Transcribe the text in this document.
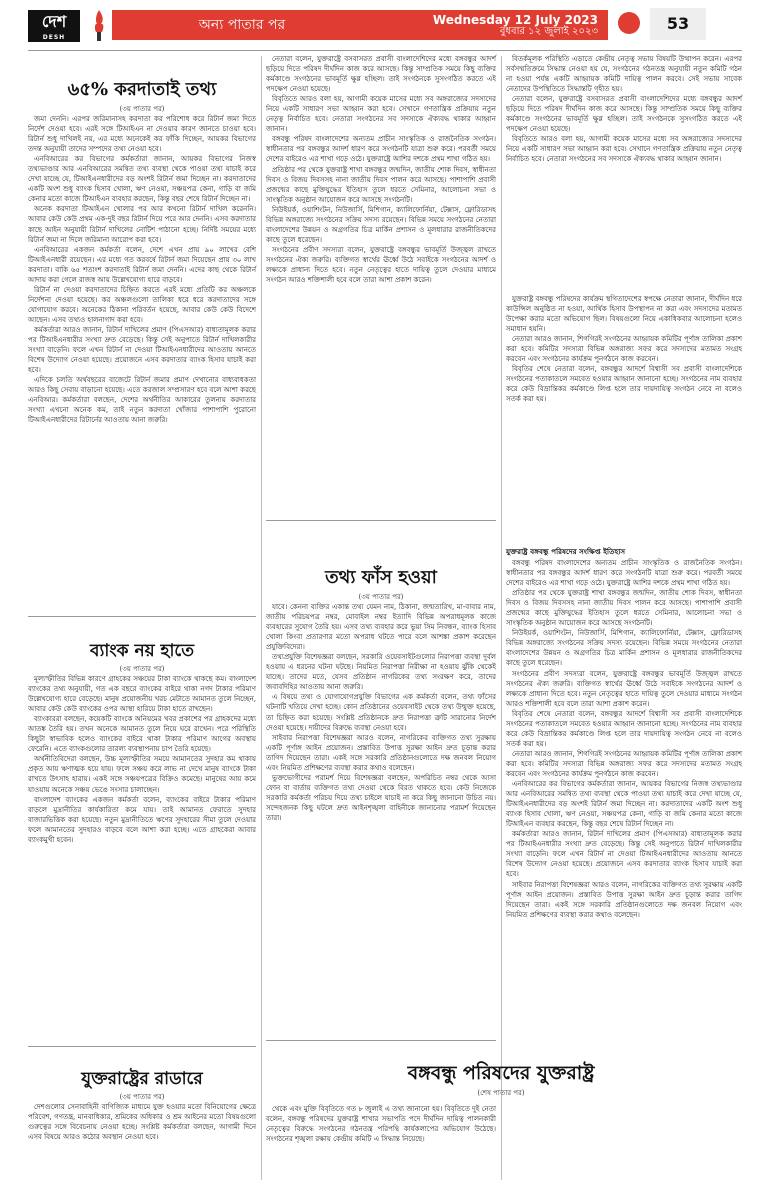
দেশ
DESH
অন্য পাতার পর	Wednesday 12 July 2023
বুধবার ১২ জুলাই ২০২৩	53
৬৫% করদাতাই তথ্য
(৩য় পাতার পর)

জমা দেননি। এরপর জরিমানাসহ করদাতা কর পরিশোধ করে রিটার্ন জমা দিতে নির্দেশ দেওয়া হবে। এরই সঙ্গে টিআইএন না দেওয়ার কারণ জানতে চাওয়া হবে। রিটার্ন শুধু দাখিলই নয়, এর মধ্যে অনেকেই কর ফাঁকি দিচ্ছেন, আয়কর বিভাগের তদন্ত অনুযায়ী তাদের সম্পদের তথ্য নেওয়া হবে।

এনবিআরের কর বিভাগের কর্মকর্তারা জানান, আয়কর বিভাগের নিজস্ব তথ্যভাণ্ডার আর এনবিআরের সমন্বিত তথ্য ব্যবস্থা থেকে পাওয়া তথ্য যাচাই করে দেখা যাচ্ছে যে, টিআইএনধারীদের বড় অংশই রিটার্ন জমা দিচ্ছেন না। করদাতাদের একটি অংশ শুধু ব্যাংক হিসাব খোলা, ঋণ নেওয়া, সঞ্চয়পত্র কেনা, গাড়ি বা জমি কেনার মতো কাজে টিআইএন ব্যবহার করছেন, কিন্তু বছর শেষে রিটার্ন দিচ্ছেন না।

অনেক করদাতা টিআইএন খোলার পর আর কখনো রিটার্ন দাখিল করেননি। আবার কেউ কেউ প্রথম এক-দুই বছর রিটার্ন দিয়ে পরে আর দেননি। এসব করদাতার কাছে আইন অনুযায়ী রিটার্ন দাখিলের নোটিশ পাঠানো হচ্ছে। নির্দিষ্ট সময়ের মধ্যে রিটার্ন জমা না দিলে জরিমানা আরোপ করা হবে।

এনবিআরের একজন কর্মকর্তা বলেন, দেশে এখন প্রায় ৯০ লাখের বেশি টিআইএনধারী রয়েছেন। এর মধ্যে গত করবর্ষে রিটার্ন জমা দিয়েছেন প্রায় ৩০ লাখ করদাতা। বাকি ৬৫ শতাংশ করদাতাই রিটার্ন জমা দেননি। এদের কাছ থেকে রিটার্ন আদায় করা গেলে রাজস্ব আয় উল্লেখযোগ্য হারে বাড়বে।

রিটার্ন না দেওয়া করদাতাদের চিহ্নিত করতে এরই মধ্যে প্রতিটি কর অঞ্চলকে নির্দেশনা দেওয়া হয়েছে। কর অঞ্চলগুলো তালিকা ধরে ধরে করদাতাদের সঙ্গে যোগাযোগ করবে। অনেকের ঠিকানা পরিবর্তন হয়েছে, আবার কেউ কেউ বিদেশে আছেন। এসব তথ্যও হালনাগাদ করা হবে।

কর্মকর্তারা আরও জানান, রিটার্ন দাখিলের প্রমাণ (পিএসআর) বাধ্যতামূলক করার পর টিআইএনধারীর সংখ্যা দ্রুত বেড়েছে। কিন্তু সেই অনুপাতে রিটার্ন দাখিলকারীর সংখ্যা বাড়েনি। ফলে এখন রিটার্ন না দেওয়া টিআইএনধারীদের আওতায় আনতে বিশেষ উদ্যোগ নেওয়া হয়েছে। প্রয়োজনে এসব করদাতার ব্যাংক হিসাব যাচাই করা হবে।

এদিকে চলতি অর্থবছরের বাজেটে রিটার্ন জমার প্রমাণ দেখানোর বাধ্যবাধকতা আরও কিছু সেবায় বাড়ানো হয়েছে। এতে করজাল সম্প্রসারণ হবে বলে আশা করছে এনবিআর। কর্মকর্তারা বলছেন, দেশের অর্থনীতির আকারের তুলনায় করদাতার সংখ্যা এখনো অনেক কম, তাই নতুন করদাতা খোঁজার পাশাপাশি পুরোনো টিআইএনধারীদের রিটার্নের আওতায় আনা জরুরি।

ব্যাংক নয় হাতে
(৩য় পাতার পর)

মূল্যস্ফীতির বিভিন্ন কারণে গ্রাহকের সঞ্চয়ের টাকা ব্যাংকে থাকছে কম। বাংলাদেশ ব্যাংকের তথ্য অনুযায়ী, গত এক বছরে ব্যাংকের বাইরে থাকা নগদ টাকার পরিমাণ উল্লেখযোগ্য হারে বেড়েছে। মানুষ প্রয়োজনীয় খরচ মেটাতে আমানত তুলে নিচ্ছেন, আবার কেউ কেউ ব্যাংকের ওপর আস্থা হারিয়ে টাকা হাতে রাখছেন।

ব্যাংকাররা বলছেন, কয়েকটি ব্যাংকে অনিয়মের খবর প্রকাশের পর গ্রাহকদের মধ্যে আতঙ্ক তৈরি হয়। তখন অনেকে আমানত তুলে নিয়ে ঘরে রাখেন। পরে পরিস্থিতি কিছুটা স্বাভাবিক হলেও ব্যাংকের বাইরে থাকা টাকার পরিমাণ আগের অবস্থায় ফেরেনি। এতে ব্যাংকগুলোর তারল্য ব্যবস্থাপনায় চাপ তৈরি হয়েছে।

অর্থনীতিবিদেরা বলছেন, উচ্চ মূল্যস্ফীতির সময়ে আমানতের সুদহার কম থাকায় প্রকৃত আয় ঋণাত্মক হয়ে যায়। ফলে সঞ্চয় করে লাভ না দেখে মানুষ ব্যাংকে টাকা রাখতে উৎসাহ হারায়। একই সঙ্গে সঞ্চয়পত্রের বিক্রিও কমেছে। মানুষের আয় কমে যাওয়ায় অনেকে সঞ্চয় ভেঙে সংসার চালাচ্ছেন।

বাংলাদেশ ব্যাংকের একজন কর্মকর্তা বলেন, ব্যাংকের বাইরে টাকার পরিমাণ বাড়লে মুদ্রানীতির কার্যকারিতা কমে যায়। তাই আমানত ফেরাতে সুদহার বাজারভিত্তিক করা হয়েছে। নতুন মুদ্রানীতিতে ঋণের সুদহারের সীমা তুলে দেওয়ার ফলে আমানতের সুদহারও বাড়বে বলে আশা করা হচ্ছে। এতে গ্রাহকেরা আবার ব্যাংকমুখী হবেন।

যুক্তরাষ্ট্রের রাডারে
(৩য় পাতার পর)

দেশগুলোর সেনাবাহিনী বাণিজ্যিক মাধ্যমে যুক্ত হওয়ার মতো বিনিয়োগের ক্ষেত্রে পরিবেশ, গণতন্ত্র, মানবাধিকার, শ্রমিকের অধিকার ও শ্রম আইনের মতো বিষয়গুলো গুরুত্বের সঙ্গে বিবেচনায় নেওয়া হচ্ছে। সংশ্লিষ্ট কর্মকর্তারা বলছেন, আগামী দিনে এসব বিষয়ে আরও কঠোর অবস্থান নেওয়া হবে।

নেতারা বলেন, যুক্তরাষ্ট্রে বসবাসরত প্রবাসী বাংলাদেশিদের মধ্যে বঙ্গবন্ধুর আদর্শ ছড়িয়ে দিতে পরিষদ দীর্ঘদিন কাজ করে আসছে। কিন্তু সাম্প্রতিক সময়ে কিছু ব্যক্তির কর্মকাণ্ডে সংগঠনের ভাবমূর্তি ক্ষুণ্ণ হচ্ছিল। তাই সংগঠনকে সুসংগঠিত করতে এই পদক্ষেপ নেওয়া হয়েছে।

বিবৃতিতে আরও বলা হয়, আগামী কয়েক মাসের মধ্যে সব অঙ্গরাজ্যের সদস্যদের নিয়ে একটি সাধারণ সভা আহ্বান করা হবে। সেখানে গণতান্ত্রিক প্রক্রিয়ায় নতুন নেতৃত্ব নির্বাচিত হবে। নেতারা সংগঠনের সব সদস্যকে ঐক্যবদ্ধ থাকার আহ্বান জানান।

বঙ্গবন্ধু পরিষদ বাংলাদেশের অন্যতম প্রাচীন সাংস্কৃতিক ও রাজনৈতিক সংগঠন। স্বাধীনতার পর বঙ্গবন্ধুর আদর্শ ধারণ করে সংগঠনটি যাত্রা শুরু করে। পরবর্তী সময়ে দেশের বাইরেও এর শাখা গড়ে ওঠে। যুক্তরাষ্ট্রে আশির দশকে প্রথম শাখা গঠিত হয়।

প্রতিষ্ঠার পর থেকে যুক্তরাষ্ট্র শাখা বঙ্গবন্ধুর জন্মদিন, জাতীয় শোক দিবস, স্বাধীনতা দিবস ও বিজয় দিবসসহ নানা জাতীয় দিবস পালন করে আসছে। পাশাপাশি প্রবাসী প্রজন্মের কাছে মুক্তিযুদ্ধের ইতিহাস তুলে ধরতে সেমিনার, আলোচনা সভা ও সাংস্কৃতিক অনুষ্ঠান আয়োজন করে আসছে সংগঠনটি।

নিউইয়র্ক, ওয়াশিংটন, নিউজার্সি, মিশিগান, ক্যালিফোর্নিয়া, টেক্সাস, ফ্লোরিডাসহ বিভিন্ন অঙ্গরাজ্যে সংগঠনের সক্রিয় সদস্য রয়েছেন। বিভিন্ন সময়ে সংগঠনের নেতারা বাংলাদেশের উন্নয়ন ও অগ্রগতির চিত্র মার্কিন প্রশাসন ও মূলধারার রাজনীতিকদের কাছে তুলে ধরেছেন।

সংগঠনের প্রবীণ সদস্যরা বলেন, যুক্তরাষ্ট্রে বঙ্গবন্ধুর ভাবমূর্তি উজ্জ্বল রাখতে সংগঠনের ঐক্য জরুরি। ব্যক্তিগত স্বার্থের ঊর্ধ্বে উঠে সবাইকে সংগঠনের আদর্শ ও লক্ষ্যকে প্রাধান্য দিতে হবে। নতুন নেতৃত্বের হাতে দায়িত্ব তুলে দেওয়ার মাধ্যমে সংগঠন আরও শক্তিশালী হবে বলে তারা আশা প্রকাশ করেন।

তথ্য ফাঁস হওয়া
(৩য় পাতার পর)

যাবে। কেননা ব্যক্তির একান্ত তথ্য যেমন নাম, ঠিকানা, জন্মতারিখ, মা-বাবার নাম, জাতীয় পরিচয়পত্র নম্বর, মোবাইল নম্বর ইত্যাদি বিভিন্ন অপরাধমূলক কাজে ব্যবহারের সুযোগ তৈরি হয়। এসব তথ্য ব্যবহার করে ভুয়া সিম নিবন্ধন, ব্যাংক হিসাব খোলা কিংবা প্রতারণার মতো অপরাধ ঘটতে পারে বলে আশঙ্কা প্রকাশ করেছেন প্রযুক্তিবিদেরা।

তথ্যপ্রযুক্তি বিশেষজ্ঞরা বলছেন, সরকারি ওয়েবসাইটগুলোর নিরাপত্তা ব্যবস্থা দুর্বল হওয়ায় এ ধরনের ঘটনা ঘটছে। নিয়মিত নিরাপত্তা নিরীক্ষা না হওয়ায় ঝুঁকি থেকেই যাচ্ছে। তাদের মতে, যেসব প্রতিষ্ঠান নাগরিকের তথ্য সংরক্ষণ করে, তাদের জবাবদিহির আওতায় আনা জরুরি।

এ বিষয়ে তথ্য ও যোগাযোগপ্রযুক্তি বিভাগের এক কর্মকর্তা বলেন, তথ্য ফাঁসের ঘটনাটি খতিয়ে দেখা হচ্ছে। কোন প্রতিষ্ঠানের ওয়েবসাইট থেকে তথ্য উন্মুক্ত হয়েছে, তা চিহ্নিত করা হয়েছে। সংশ্লিষ্ট প্রতিষ্ঠানকে দ্রুত নিরাপত্তা ত্রুটি সারানোর নির্দেশ দেওয়া হয়েছে। দায়ীদের বিরুদ্ধে ব্যবস্থা নেওয়া হবে।

সাইবার নিরাপত্তা বিশেষজ্ঞরা আরও বলেন, নাগরিকের ব্যক্তিগত তথ্য সুরক্ষায় একটি পূর্ণাঙ্গ আইন প্রয়োজন। প্রস্তাবিত উপাত্ত সুরক্ষা আইন দ্রুত চূড়ান্ত করার তাগিদ দিয়েছেন তারা। একই সঙ্গে সরকারি প্রতিষ্ঠানগুলোতে দক্ষ জনবল নিয়োগ এবং নিয়মিত প্রশিক্ষণের ব্যবস্থা করার কথাও বলেছেন।

ভুক্তভোগীদের পরামর্শ দিয়ে বিশেষজ্ঞরা বলছেন, অপরিচিত নম্বর থেকে আসা ফোন বা বার্তায় ব্যক্তিগত তথ্য দেওয়া থেকে বিরত থাকতে হবে। কেউ নিজেকে সরকারি কর্মকর্তা পরিচয় দিয়ে তথ্য চাইলে যাচাই না করে কিছু জানানো উচিত নয়। সন্দেহজনক কিছু ঘটলে দ্রুত আইনশৃঙ্খলা বাহিনীকে জানানোর পরামর্শ দিয়েছেন তারা।

বঙ্গবন্ধু পরিষদের যুক্তরাষ্ট্র
(শেষ পাতার পর)

থেকে এবং মুক্তি বিবৃতিতে গত ৮ জুলাই এ তথ্য জানানো হয়। বিবৃতিতে দুই নেতা বলেন, বঙ্গবন্ধু পরিষদের যুক্তরাষ্ট্র শাখার সভাপতি পদে দীর্ঘদিন দায়িত্ব পালনকারী নেতৃত্বের বিরুদ্ধে সংগঠনের গঠনতন্ত্র পরিপন্থি কার্যকলাপের অভিযোগ উঠেছে। সংগঠনের শৃঙ্খলা রক্ষায় কেন্দ্রীয় কমিটি এ সিদ্ধান্ত নিয়েছে।

বিতর্কমূলক পরিস্থিতি এড়াতে কেন্দ্রীয় নেতৃত্ব সভায় বিষয়টি উত্থাপন করেন। এরপর সর্বসম্মতিক্রমে সিদ্ধান্ত নেওয়া হয় যে, সংগঠনের গঠনতন্ত্র অনুযায়ী নতুন কমিটি গঠন না হওয়া পর্যন্ত একটি আহ্বায়ক কমিটি দায়িত্ব পালন করবে। সেই সভায় সাবেক নেতাদের উপস্থিতিতে সিদ্ধান্তটি গৃহীত হয়।

নেতারা বলেন, যুক্তরাষ্ট্রে বসবাসরত প্রবাসী বাংলাদেশিদের মধ্যে বঙ্গবন্ধুর আদর্শ ছড়িয়ে দিতে পরিষদ দীর্ঘদিন কাজ করে আসছে। কিন্তু সাম্প্রতিক সময়ে কিছু ব্যক্তির কর্মকাণ্ডে সংগঠনের ভাবমূর্তি ক্ষুণ্ণ হচ্ছিল। তাই সংগঠনকে সুসংগঠিত করতে এই পদক্ষেপ নেওয়া হয়েছে।

বিবৃতিতে আরও বলা হয়, আগামী কয়েক মাসের মধ্যে সব অঙ্গরাজ্যের সদস্যদের নিয়ে একটি সাধারণ সভা আহ্বান করা হবে। সেখানে গণতান্ত্রিক প্রক্রিয়ায় নতুন নেতৃত্ব নির্বাচিত হবে। নেতারা সংগঠনের সব সদস্যকে ঐক্যবদ্ধ থাকার আহ্বান জানান।

যুক্তরাষ্ট্র বঙ্গবন্ধু পরিষদের কার্যক্রম স্থগিতাদেশের স্বপক্ষে নেতারা জানান, দীর্ঘদিন ধরে কাউন্সিল অনুষ্ঠিত না হওয়া, আর্থিক হিসাব উপস্থাপন না করা এবং সদস্যদের মতামত উপেক্ষা করার মতো অভিযোগ ছিল। বিষয়গুলো নিয়ে একাধিকবার আলোচনা হলেও সমাধান হয়নি।

নেতারা আরও জানান, শিগগিরই সংগঠনের আহ্বায়ক কমিটির পূর্ণাঙ্গ তালিকা প্রকাশ করা হবে। কমিটির সদস্যরা বিভিন্ন অঙ্গরাজ্য সফর করে সদস্যদের মতামত সংগ্রহ করবেন এবং সংগঠনের কার্যক্রম পুনর্গঠনে কাজ করবেন।

বিবৃতির শেষে নেতারা বলেন, বঙ্গবন্ধুর আদর্শে বিশ্বাসী সব প্রবাসী বাংলাদেশিকে সংগঠনের পতাকাতলে সমবেত হওয়ার আহ্বান জানানো হচ্ছে। সংগঠনের নাম ব্যবহার করে কেউ বিভ্রান্তিকর কর্মকাণ্ডে লিপ্ত হলে তার দায়দায়িত্ব সংগঠন নেবে না বলেও সতর্ক করা হয়।

যুক্তরাষ্ট্র বঙ্গবন্ধু পরিষদের সংক্ষিপ্ত ইতিহাস

বঙ্গবন্ধু পরিষদ বাংলাদেশের অন্যতম প্রাচীন সাংস্কৃতিক ও রাজনৈতিক সংগঠন। স্বাধীনতার পর বঙ্গবন্ধুর আদর্শ ধারণ করে সংগঠনটি যাত্রা শুরু করে। পরবর্তী সময়ে দেশের বাইরেও এর শাখা গড়ে ওঠে। যুক্তরাষ্ট্রে আশির দশকে প্রথম শাখা গঠিত হয়।

প্রতিষ্ঠার পর থেকে যুক্তরাষ্ট্র শাখা বঙ্গবন্ধুর জন্মদিন, জাতীয় শোক দিবস, স্বাধীনতা দিবস ও বিজয় দিবসসহ নানা জাতীয় দিবস পালন করে আসছে। পাশাপাশি প্রবাসী প্রজন্মের কাছে মুক্তিযুদ্ধের ইতিহাস তুলে ধরতে সেমিনার, আলোচনা সভা ও সাংস্কৃতিক অনুষ্ঠান আয়োজন করে আসছে সংগঠনটি।

নিউইয়র্ক, ওয়াশিংটন, নিউজার্সি, মিশিগান, ক্যালিফোর্নিয়া, টেক্সাস, ফ্লোরিডাসহ বিভিন্ন অঙ্গরাজ্যে সংগঠনের সক্রিয় সদস্য রয়েছেন। বিভিন্ন সময়ে সংগঠনের নেতারা বাংলাদেশের উন্নয়ন ও অগ্রগতির চিত্র মার্কিন প্রশাসন ও মূলধারার রাজনীতিকদের কাছে তুলে ধরেছেন।

সংগঠনের প্রবীণ সদস্যরা বলেন, যুক্তরাষ্ট্রে বঙ্গবন্ধুর ভাবমূর্তি উজ্জ্বল রাখতে সংগঠনের ঐক্য জরুরি। ব্যক্তিগত স্বার্থের ঊর্ধ্বে উঠে সবাইকে সংগঠনের আদর্শ ও লক্ষ্যকে প্রাধান্য দিতে হবে। নতুন নেতৃত্বের হাতে দায়িত্ব তুলে দেওয়ার মাধ্যমে সংগঠন আরও শক্তিশালী হবে বলে তারা আশা প্রকাশ করেন।

বিবৃতির শেষে নেতারা বলেন, বঙ্গবন্ধুর আদর্শে বিশ্বাসী সব প্রবাসী বাংলাদেশিকে সংগঠনের পতাকাতলে সমবেত হওয়ার আহ্বান জানানো হচ্ছে। সংগঠনের নাম ব্যবহার করে কেউ বিভ্রান্তিকর কর্মকাণ্ডে লিপ্ত হলে তার দায়দায়িত্ব সংগঠন নেবে না বলেও সতর্ক করা হয়।

নেতারা আরও জানান, শিগগিরই সংগঠনের আহ্বায়ক কমিটির পূর্ণাঙ্গ তালিকা প্রকাশ করা হবে। কমিটির সদস্যরা বিভিন্ন অঙ্গরাজ্য সফর করে সদস্যদের মতামত সংগ্রহ করবেন এবং সংগঠনের কার্যক্রম পুনর্গঠনে কাজ করবেন।

এনবিআরের কর বিভাগের কর্মকর্তারা জানান, আয়কর বিভাগের নিজস্ব তথ্যভাণ্ডার আর এনবিআরের সমন্বিত তথ্য ব্যবস্থা থেকে পাওয়া তথ্য যাচাই করে দেখা যাচ্ছে যে, টিআইএনধারীদের বড় অংশই রিটার্ন জমা দিচ্ছেন না। করদাতাদের একটি অংশ শুধু ব্যাংক হিসাব খোলা, ঋণ নেওয়া, সঞ্চয়পত্র কেনা, গাড়ি বা জমি কেনার মতো কাজে টিআইএন ব্যবহার করছেন, কিন্তু বছর শেষে রিটার্ন দিচ্ছেন না।

কর্মকর্তারা আরও জানান, রিটার্ন দাখিলের প্রমাণ (পিএসআর) বাধ্যতামূলক করার পর টিআইএনধারীর সংখ্যা দ্রুত বেড়েছে। কিন্তু সেই অনুপাতে রিটার্ন দাখিলকারীর সংখ্যা বাড়েনি। ফলে এখন রিটার্ন না দেওয়া টিআইএনধারীদের আওতায় আনতে বিশেষ উদ্যোগ নেওয়া হয়েছে। প্রয়োজনে এসব করদাতার ব্যাংক হিসাব যাচাই করা হবে।

সাইবার নিরাপত্তা বিশেষজ্ঞরা আরও বলেন, নাগরিকের ব্যক্তিগত তথ্য সুরক্ষায় একটি পূর্ণাঙ্গ আইন প্রয়োজন। প্রস্তাবিত উপাত্ত সুরক্ষা আইন দ্রুত চূড়ান্ত করার তাগিদ দিয়েছেন তারা। একই সঙ্গে সরকারি প্রতিষ্ঠানগুলোতে দক্ষ জনবল নিয়োগ এবং নিয়মিত প্রশিক্ষণের ব্যবস্থা করার কথাও বলেছেন।
